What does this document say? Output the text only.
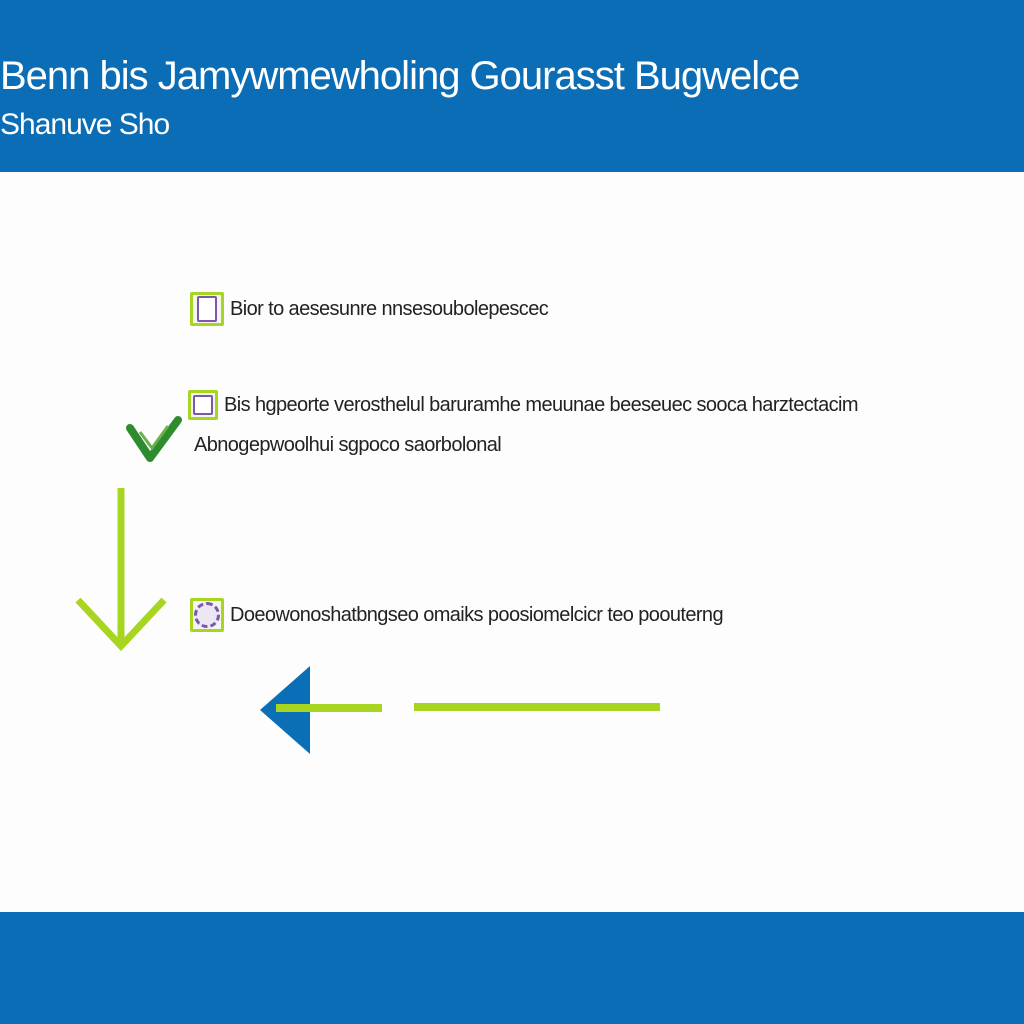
Benn bis Jamywmewholing Gourasst Bugwelce
Shanuve Sho
Bior to aesesunre nnsesoubolepescec
Bis hgpeorte verosthelul baruramhe meuunae beeseuec sooca harztectacim
Abnogepwoolhui sgpoco saorbolonal
Doeowonoshatbngseo omaiks poosiomelcicr teo poouterng
